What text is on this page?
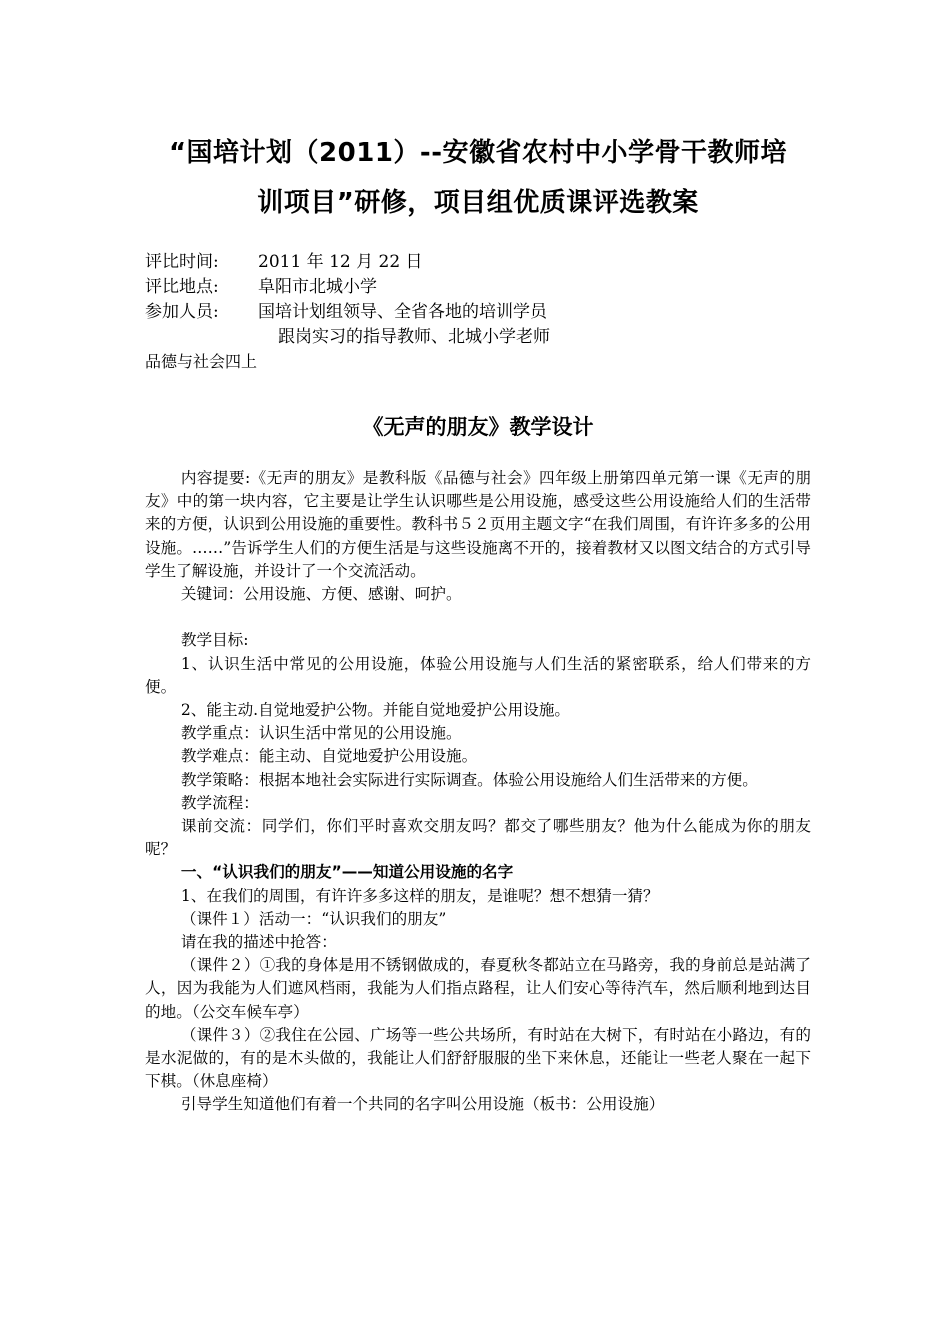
“国培计划（2011）--安徽省农村中小学骨干教师培
训项目”研修，项目组优质课评选教案
评比时间:	2011 年 12 月 22 日
评比地点:	阜阳市北城小学
参加人员:	国培计划组领导、全省各地的培训学员
跟岗实习的指导教师、北城小学老师
品德与社会四上
《无声的朋友》教学设计

内容提要:《无声的朋友》是教科版《品德与社会》四年级上册第四单元第一课《无声的朋友》中的第一块内容，它主要是让学生认识哪些是公用设施，感受这些公用设施给人们的生活带来的方便，认识到公用设施的重要性。教科书５２页用主题文字“在我们周围，有许许多多的公用设施。……”告诉学生人们的方便生活是与这些设施离不开的，接着教材又以图文结合的方式引导学生了解设施，并设计了一个交流活动。

关键词：公用设施、方便、感谢、呵护。

教学目标:

1、认识生活中常见的公用设施，体验公用设施与人们生活的紧密联系，给人们带来的方便。

2、能主动.自觉地爱护公物。并能自觉地爱护公用设施。

教学重点：认识生活中常见的公用设施。

教学难点：能主动、自觉地爱护公用设施。

教学策略：根据本地社会实际进行实际调查。体验公用设施给人们生活带来的方便。

教学流程：

课前交流：同学们，你们平时喜欢交朋友吗？都交了哪些朋友？他为什么能成为你的朋友呢？

一、“认识我们的朋友”——知道公用设施的名字

1、在我们的周围，有许许多多这样的朋友，是谁呢？想不想猜一猜？

（课件１）活动一：“认识我们的朋友”

请在我的描述中抢答：

（课件２）①我的身体是用不锈钢做成的，春夏秋冬都站立在马路旁，我的身前总是站满了人，因为我能为人们遮风档雨，我能为人们指点路程，让人们安心等待汽车，然后顺利地到达目的地。（公交车候车亭）

（课件３）②我住在公园、广场等一些公共场所，有时站在大树下，有时站在小路边，有的是水泥做的，有的是木头做的，我能让人们舒舒服服的坐下来休息，还能让一些老人聚在一起下下棋。（休息座椅）

引导学生知道他们有着一个共同的名字叫公用设施（板书：公用设施）
